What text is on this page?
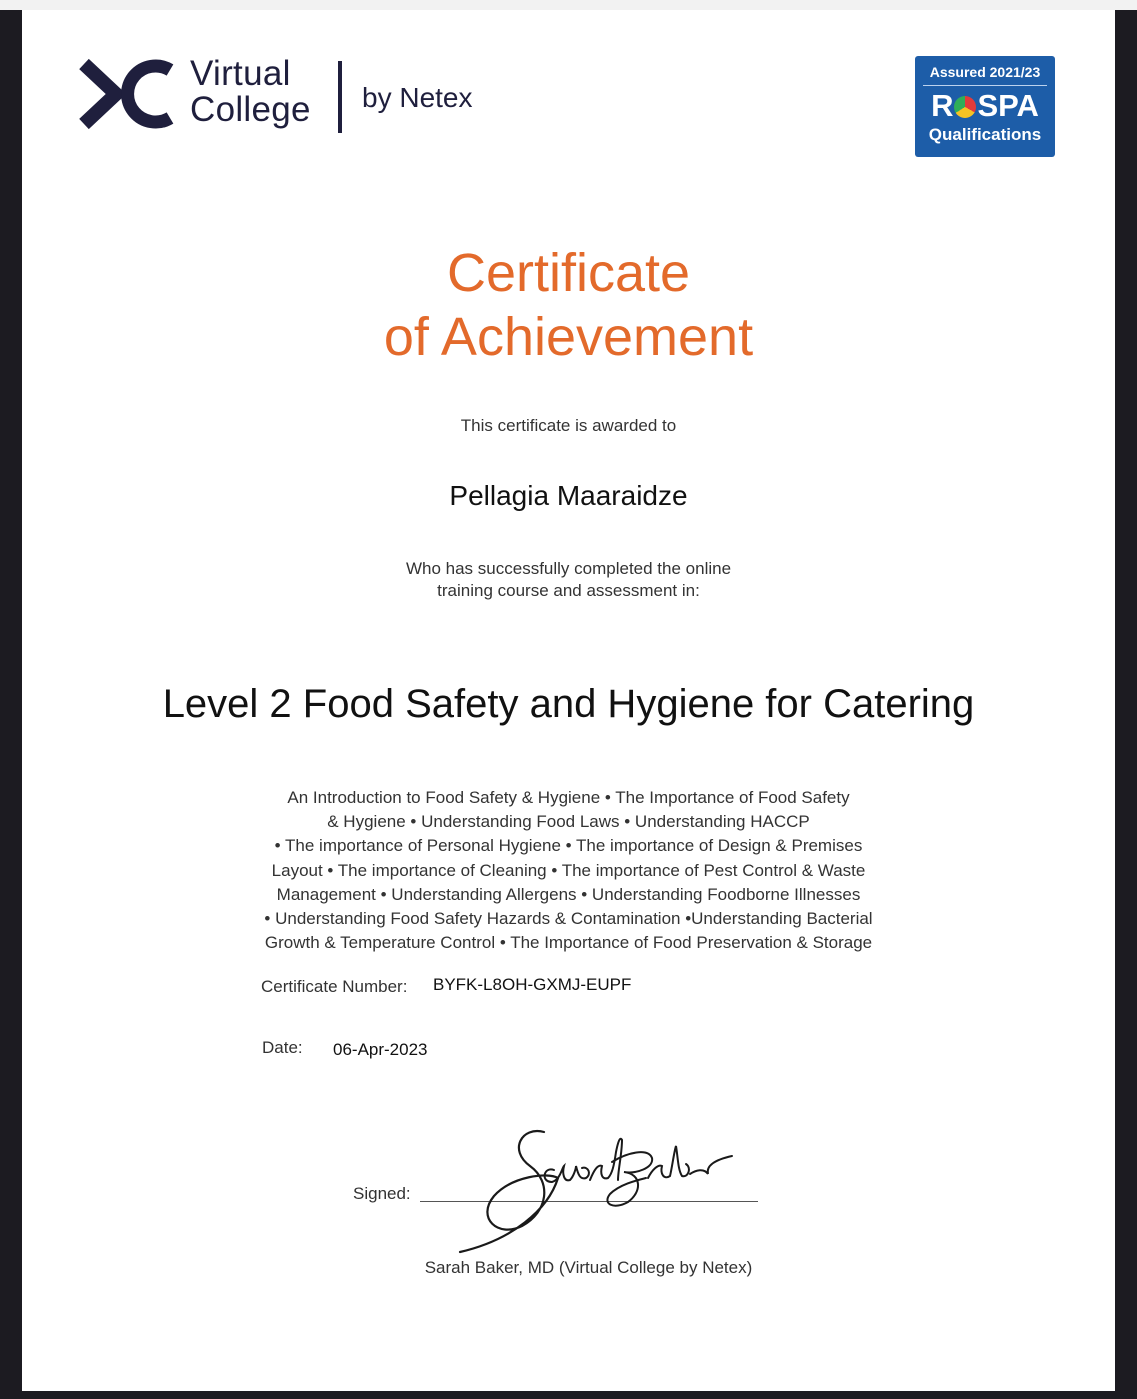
Virtual
College by Netex
Assured 2021/23
R SPA
Qualifications
Certificate
of Achievement
This certificate is awarded to
Pellagia Maaraidze
Who has successfully completed the online
training course and assessment in:
Level 2 Food Safety and Hygiene for Catering
An Introduction to Food Safety & Hygiene • The Importance of Food Safety
& Hygiene • Understanding Food Laws • Understanding HACCP
• The importance of Personal Hygiene • The importance of Design & Premises
Layout • The importance of Cleaning • The importance of Pest Control & Waste
Management • Understanding Allergens • Understanding Foodborne Illnesses
• Understanding Food Safety Hazards & Contamination •Understanding Bacterial
Growth & Temperature Control • The Importance of Food Preservation & Storage
Certificate Number: BYFK-L8OH-GXMJ-EUPF
Date: 06-Apr-2023
Signed:
Sarah Baker, MD (Virtual College by Netex)
